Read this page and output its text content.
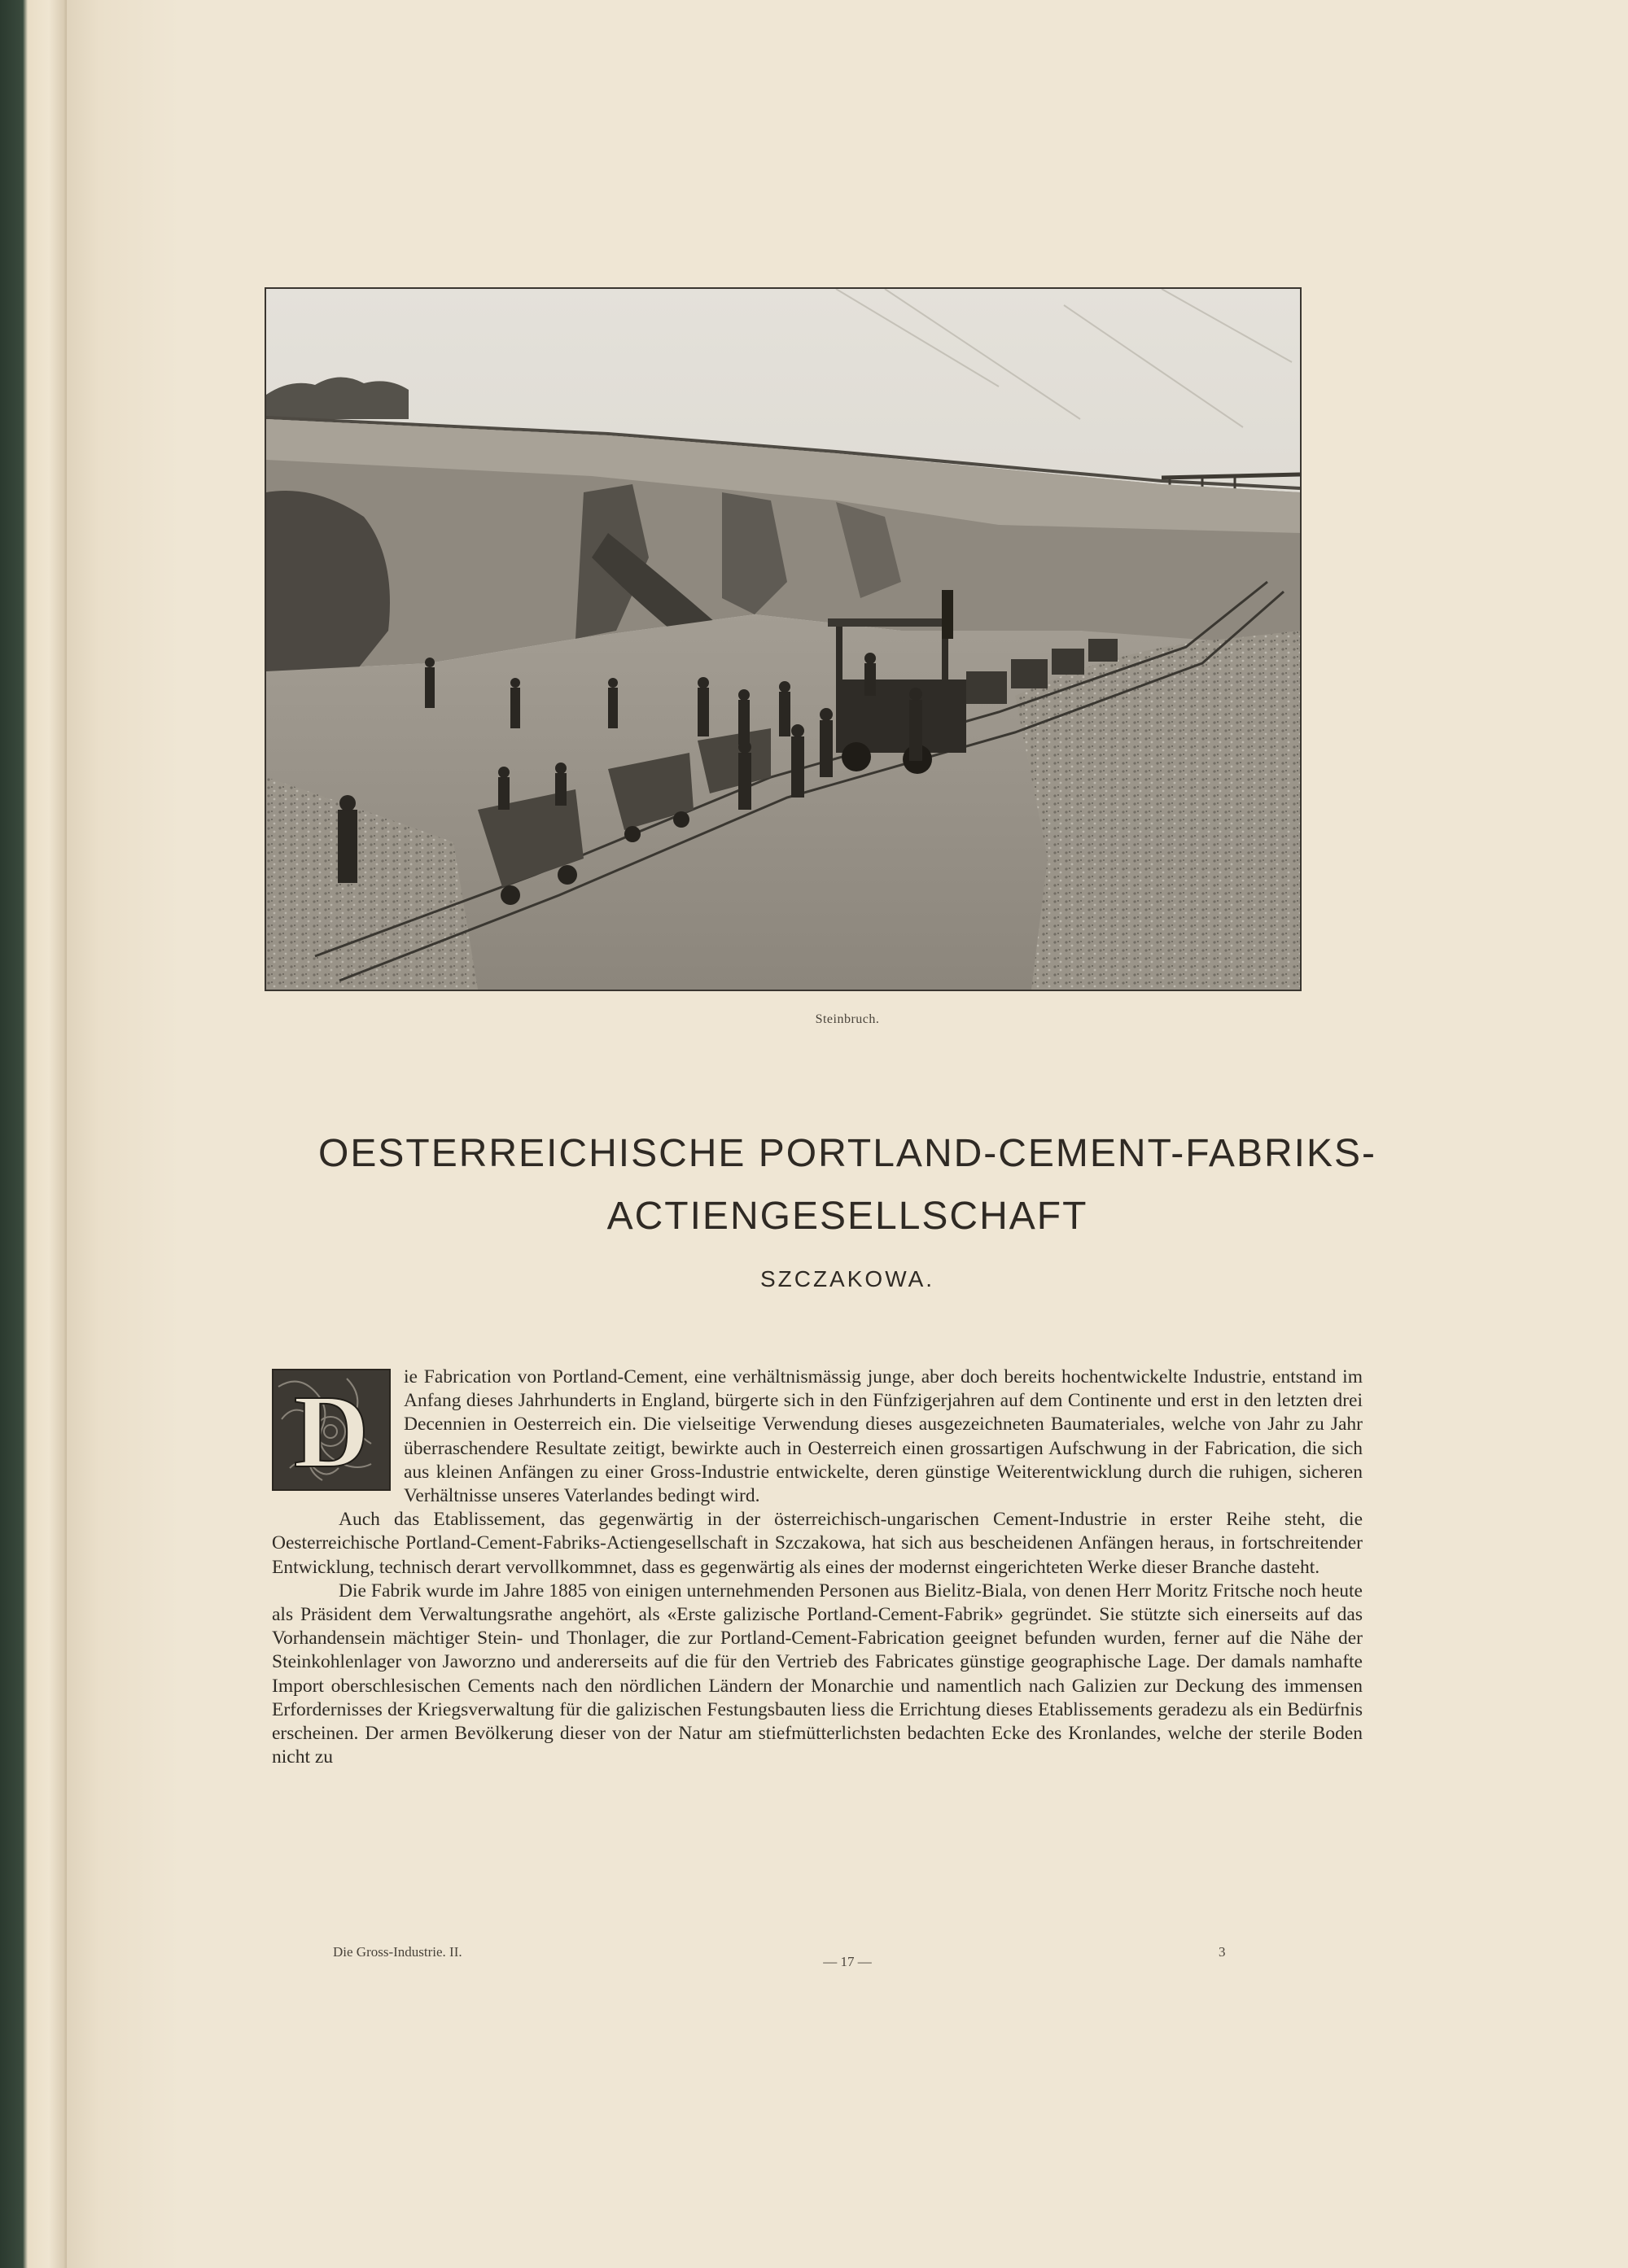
Steinbruch.
OESTERREICHISCHE PORTLAND-CEMENT-FABRIKS-
ACTIENGESELLSCHAFT
SZCZAKOWA.
D	ie Fabrication von Portland-Cement, eine verhältnismässig junge, aber doch bereits hochentwickelte Industrie, entstand im Anfang dieses Jahrhunderts in England, bürgerte sich in den Fünfzigerjahren auf dem Continente und erst in den letzten drei Decennien in Oesterreich ein. Die vielseitige Verwendung dieses ausgezeichneten Baumateriales, welche von Jahr zu Jahr überraschendere Resultate zeitigt, bewirkte auch in Oesterreich einen grossartigen Aufschwung in der Fabrication, die sich aus kleinen Anfängen zu einer Gross-Industrie entwickelte, deren günstige Weiterentwicklung durch die ruhigen, sicheren Verhältnisse unseres Vaterlandes bedingt wird.

Auch das Etablissement, das gegenwärtig in der österreichisch-ungarischen Cement-Industrie in erster Reihe steht, die Oesterreichische Portland-Cement-Fabriks-Actiengesellschaft in Szczakowa, hat sich aus bescheidenen Anfängen heraus, in fortschreitender Entwicklung, technisch derart vervollkommnet, dass es gegenwärtig als eines der modernst eingerichteten Werke dieser Branche dasteht.

Die Fabrik wurde im Jahre 1885 von einigen unternehmenden Personen aus Bielitz-Biala, von denen Herr Moritz Fritsche noch heute als Präsident dem Verwaltungsrathe angehört, als «Erste galizische Portland-Cement-Fabrik» gegründet. Sie stützte sich einerseits auf das Vorhandensein mächtiger Stein- und Thonlager, die zur Portland-Cement-Fabrication geeignet befunden wurden, ferner auf die Nähe der Steinkohlenlager von Jaworzno und andererseits auf die für den Vertrieb des Fabricates günstige geographische Lage. Der damals namhafte Import oberschlesischen Cements nach den nördlichen Ländern der Monarchie und namentlich nach Galizien zur Deckung des immensen Erfordernisses der Kriegsverwaltung für die galizischen Festungsbauten liess die Errichtung dieses Etablissements geradezu als ein Bedürfnis erscheinen. Der armen Bevölkerung dieser von der Natur am stiefmütterlichsten bedachten Ecke des Kronlandes, welche der sterile Boden nicht zu

Die Gross-Industrie. II.
— 17 —
3
